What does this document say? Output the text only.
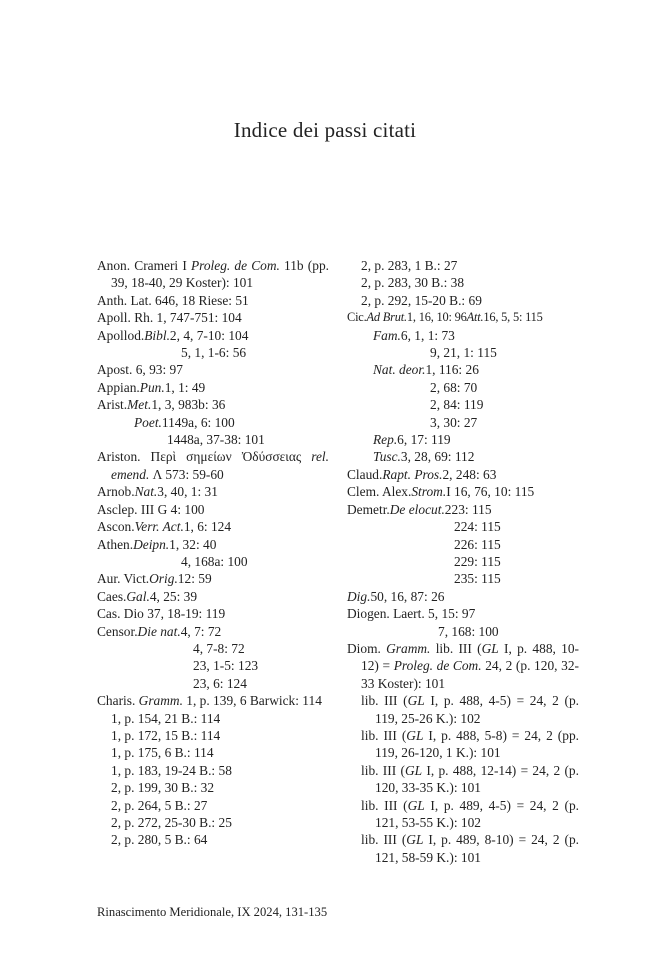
Indice dei passi citati
Anon. Crameri I Proleg. de Com. 11b (pp. 39, 18-40, 29 Koster): 101
Anth. Lat. 646, 18 Riese: 51
Apoll. Rh. 1, 747-751: 104
Apollod.Bibl.2, 4, 7-10: 104
5, 1, 1-6: 56
Apost. 6, 93: 97
Appian.Pun.1, 1: 49
Arist.Met.1, 3, 983b: 36
Poet.1149a, 6: 100
1448a, 37-38: 101
Ariston. Περὶ σημείων Ὀδύσσειας rel. emend. Λ 573: 59-60
Arnob.Nat.3, 40, 1: 31
Asclep. III G 4: 100
Ascon.Verr. Act.1, 6: 124
Athen.Deipn.1, 32: 40
4, 168a: 100
Aur. Vict.Orig.12: 59
Caes.Gal.4, 25: 39
Cas. Dio 37, 18-19: 119
Censor.Die nat.4, 7: 72
4, 7-8: 72
23, 1-5: 123
23, 6: 124
Charis. Gramm. 1, p. 139, 6 Barwick: 114
1, p. 154, 21 B.: 114
1, p. 172, 15 B.: 114
1, p. 175, 6 B.: 114
1, p. 183, 19-24 B.: 58
2, p. 199, 30 B.: 32
2, p. 264, 5 B.: 27
2, p. 272, 25-30 B.: 25
2, p. 280, 5 B.: 64
2, p. 283, 1 B.: 27
2, p. 283, 30 B.: 38
2, p. 292, 15-20 B.: 69
Cic.Ad Brut.1, 16, 10: 96Att.16, 5, 5: 115
Fam.6, 1, 1: 73
9, 21, 1: 115
Nat. deor.1, 116: 26
2, 68: 70
2, 84: 119
3, 30: 27
Rep.6, 17: 119
Tusc.3, 28, 69: 112
Claud.Rapt. Pros.2, 248: 63
Clem. Alex.Strom.I 16, 76, 10: 115
Demetr.De elocut.223: 115
224: 115
226: 115
229: 115
235: 115
Dig.50, 16, 87: 26
Diogen. Laert. 5, 15: 97
7, 168: 100
Diom. Gramm. lib. III (GL I, p. 488, 10-12) = Proleg. de Com. 24, 2 (p. 120, 32-33 Koster): 101
lib. III (GL I, p. 488, 4-5) = 24, 2 (p. 119, 25-26 K.): 102
lib. III (GL I, p. 488, 5-8) = 24, 2 (pp. 119, 26-120, 1 K.): 101
lib. III (GL I, p. 488, 12-14) = 24, 2 (p. 120, 33-35 K.): 101
lib. III (GL I, p. 489, 4-5) = 24, 2 (p. 121, 53-55 K.): 102
lib. III (GL I, p. 489, 8-10) = 24, 2 (p. 121, 58-59 K.): 101
Rinascimento Meridionale, IX 2024, 131-135
